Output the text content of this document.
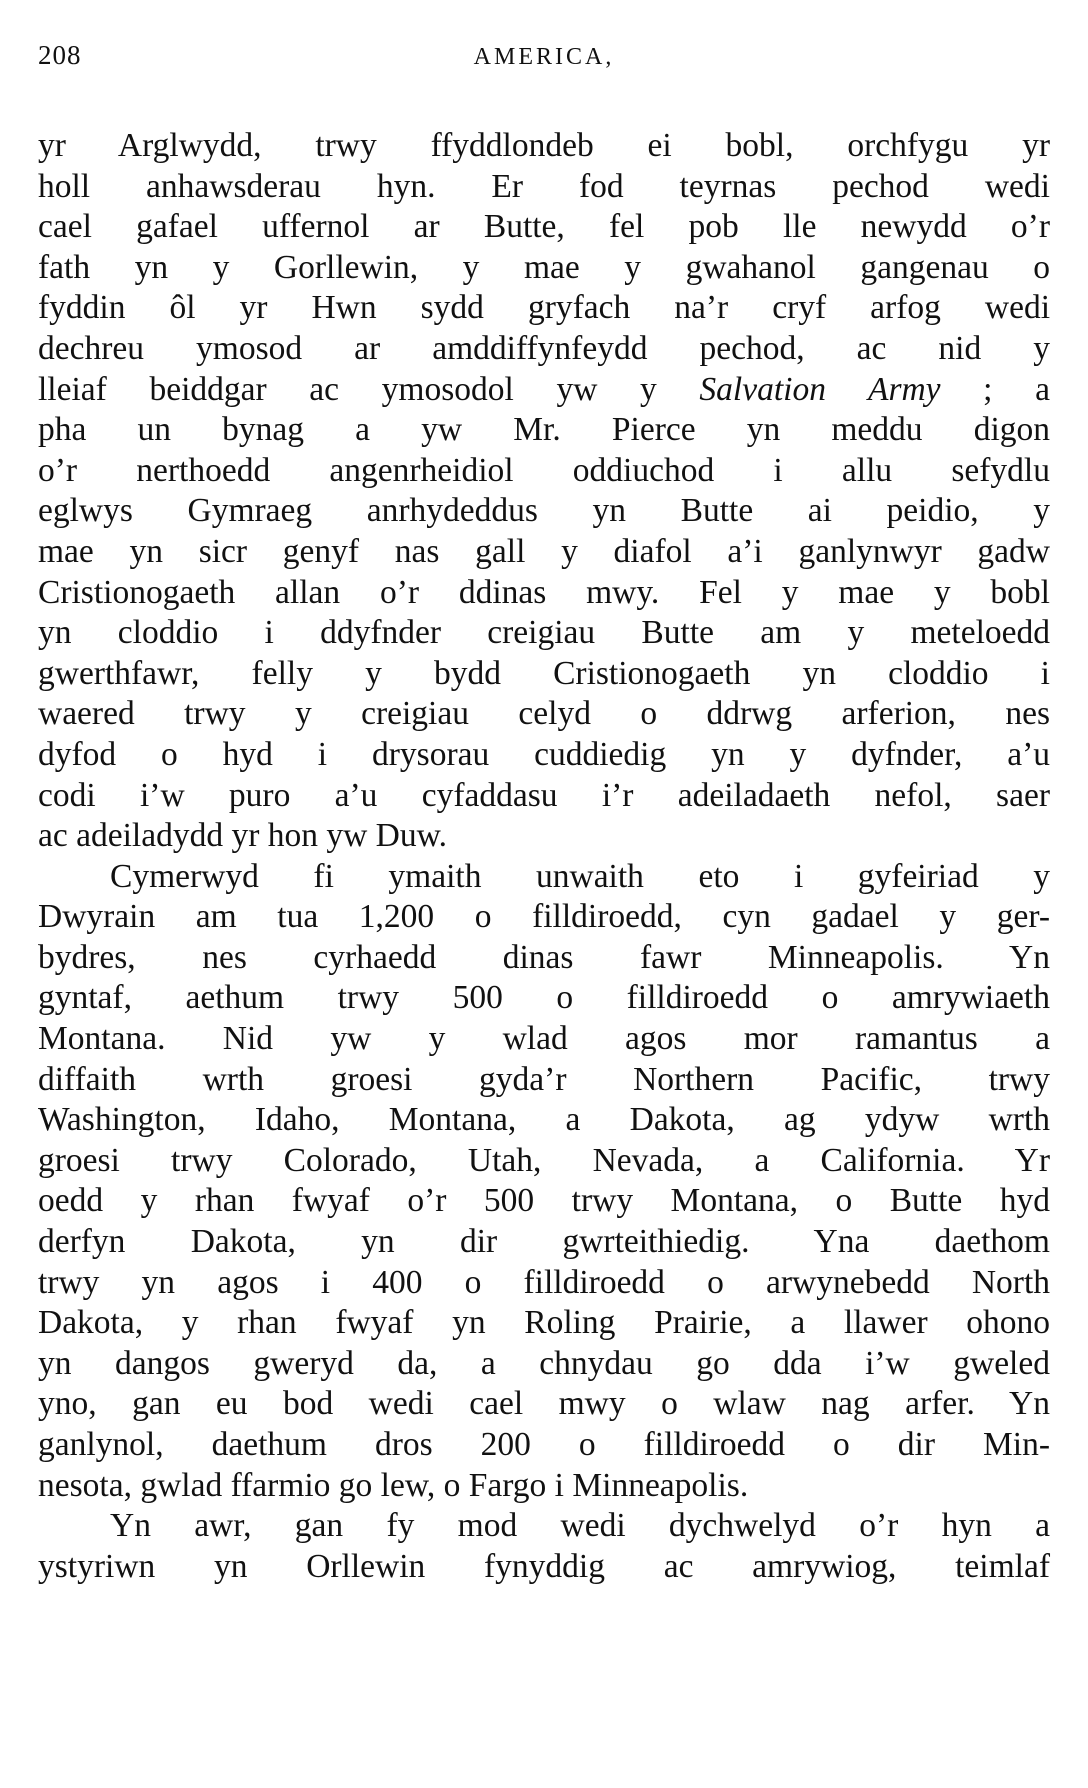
208	AMERICA,

yr Arglwydd, trwy ffyddlondeb ei bobl, orchfygu yr
holl anhawsderau hyn. Er fod teyrnas pechod wedi
cael gafael uffernol ar Butte, fel pob lle newydd o’r
fath yn y Gorllewin, y mae y gwahanol gangenau o
fyddin ôl yr Hwn sydd gryfach na’r cryf arfog wedi
dechreu ymosod ar amddiffynfeydd pechod, ac nid y
lleiaf beiddgar ac ymosodol yw y Salvation Army ; a
pha un bynag a yw Mr. Pierce yn meddu digon
o’r nerthoedd angenrheidiol oddiuchod i allu sefydlu
eglwys Gymraeg anrhydeddus yn Butte ai peidio, y
mae yn sicr genyf nas gall y diafol a’i ganlynwyr gadw
Cristionogaeth allan o’r ddinas mwy. Fel y mae y bobl
yn cloddio i ddyfnder creigiau Butte am y meteloedd
gwerthfawr, felly y bydd Cristionogaeth yn cloddio i
waered trwy y creigiau celyd o ddrwg arferion, nes
dyfod o hyd i drysorau cuddiedig yn y dyfnder, a’u
codi i’w puro a’u cyfaddasu i’r adeiladaeth nefol, saer
ac adeiladydd yr hon yw Duw.

Cymerwyd fi ymaith unwaith eto i gyfeiriad y
Dwyrain am tua 1,200 o filldiroedd, cyn gadael y ger-
bydres, nes cyrhaedd dinas fawr Minneapolis. Yn
gyntaf, aethum trwy 500 o filldiroedd o amrywiaeth
Montana. Nid yw y wlad agos mor ramantus a
diffaith wrth groesi gyda’r Northern Pacific, trwy
Washington, Idaho, Montana, a Dakota, ag ydyw wrth
groesi trwy Colorado, Utah, Nevada, a California. Yr
oedd y rhan fwyaf o’r 500 trwy Montana, o Butte hyd
derfyn Dakota, yn dir gwrteithiedig. Yna daethom
trwy yn agos i 400 o filldiroedd o arwynebedd North
Dakota, y rhan fwyaf yn Roling Prairie, a llawer ohono
yn dangos gweryd da, a chnydau go dda i’w gweled
yno, gan eu bod wedi cael mwy o wlaw nag arfer. Yn
ganlynol, daethum dros 200 o filldiroedd o dir Min-
nesota, gwlad ffarmio go lew, o Fargo i Minneapolis.

Yn awr, gan fy mod wedi dychwelyd o’r hyn a
ystyriwn yn Orllewin fynyddig ac amrywiog, teimlaf
